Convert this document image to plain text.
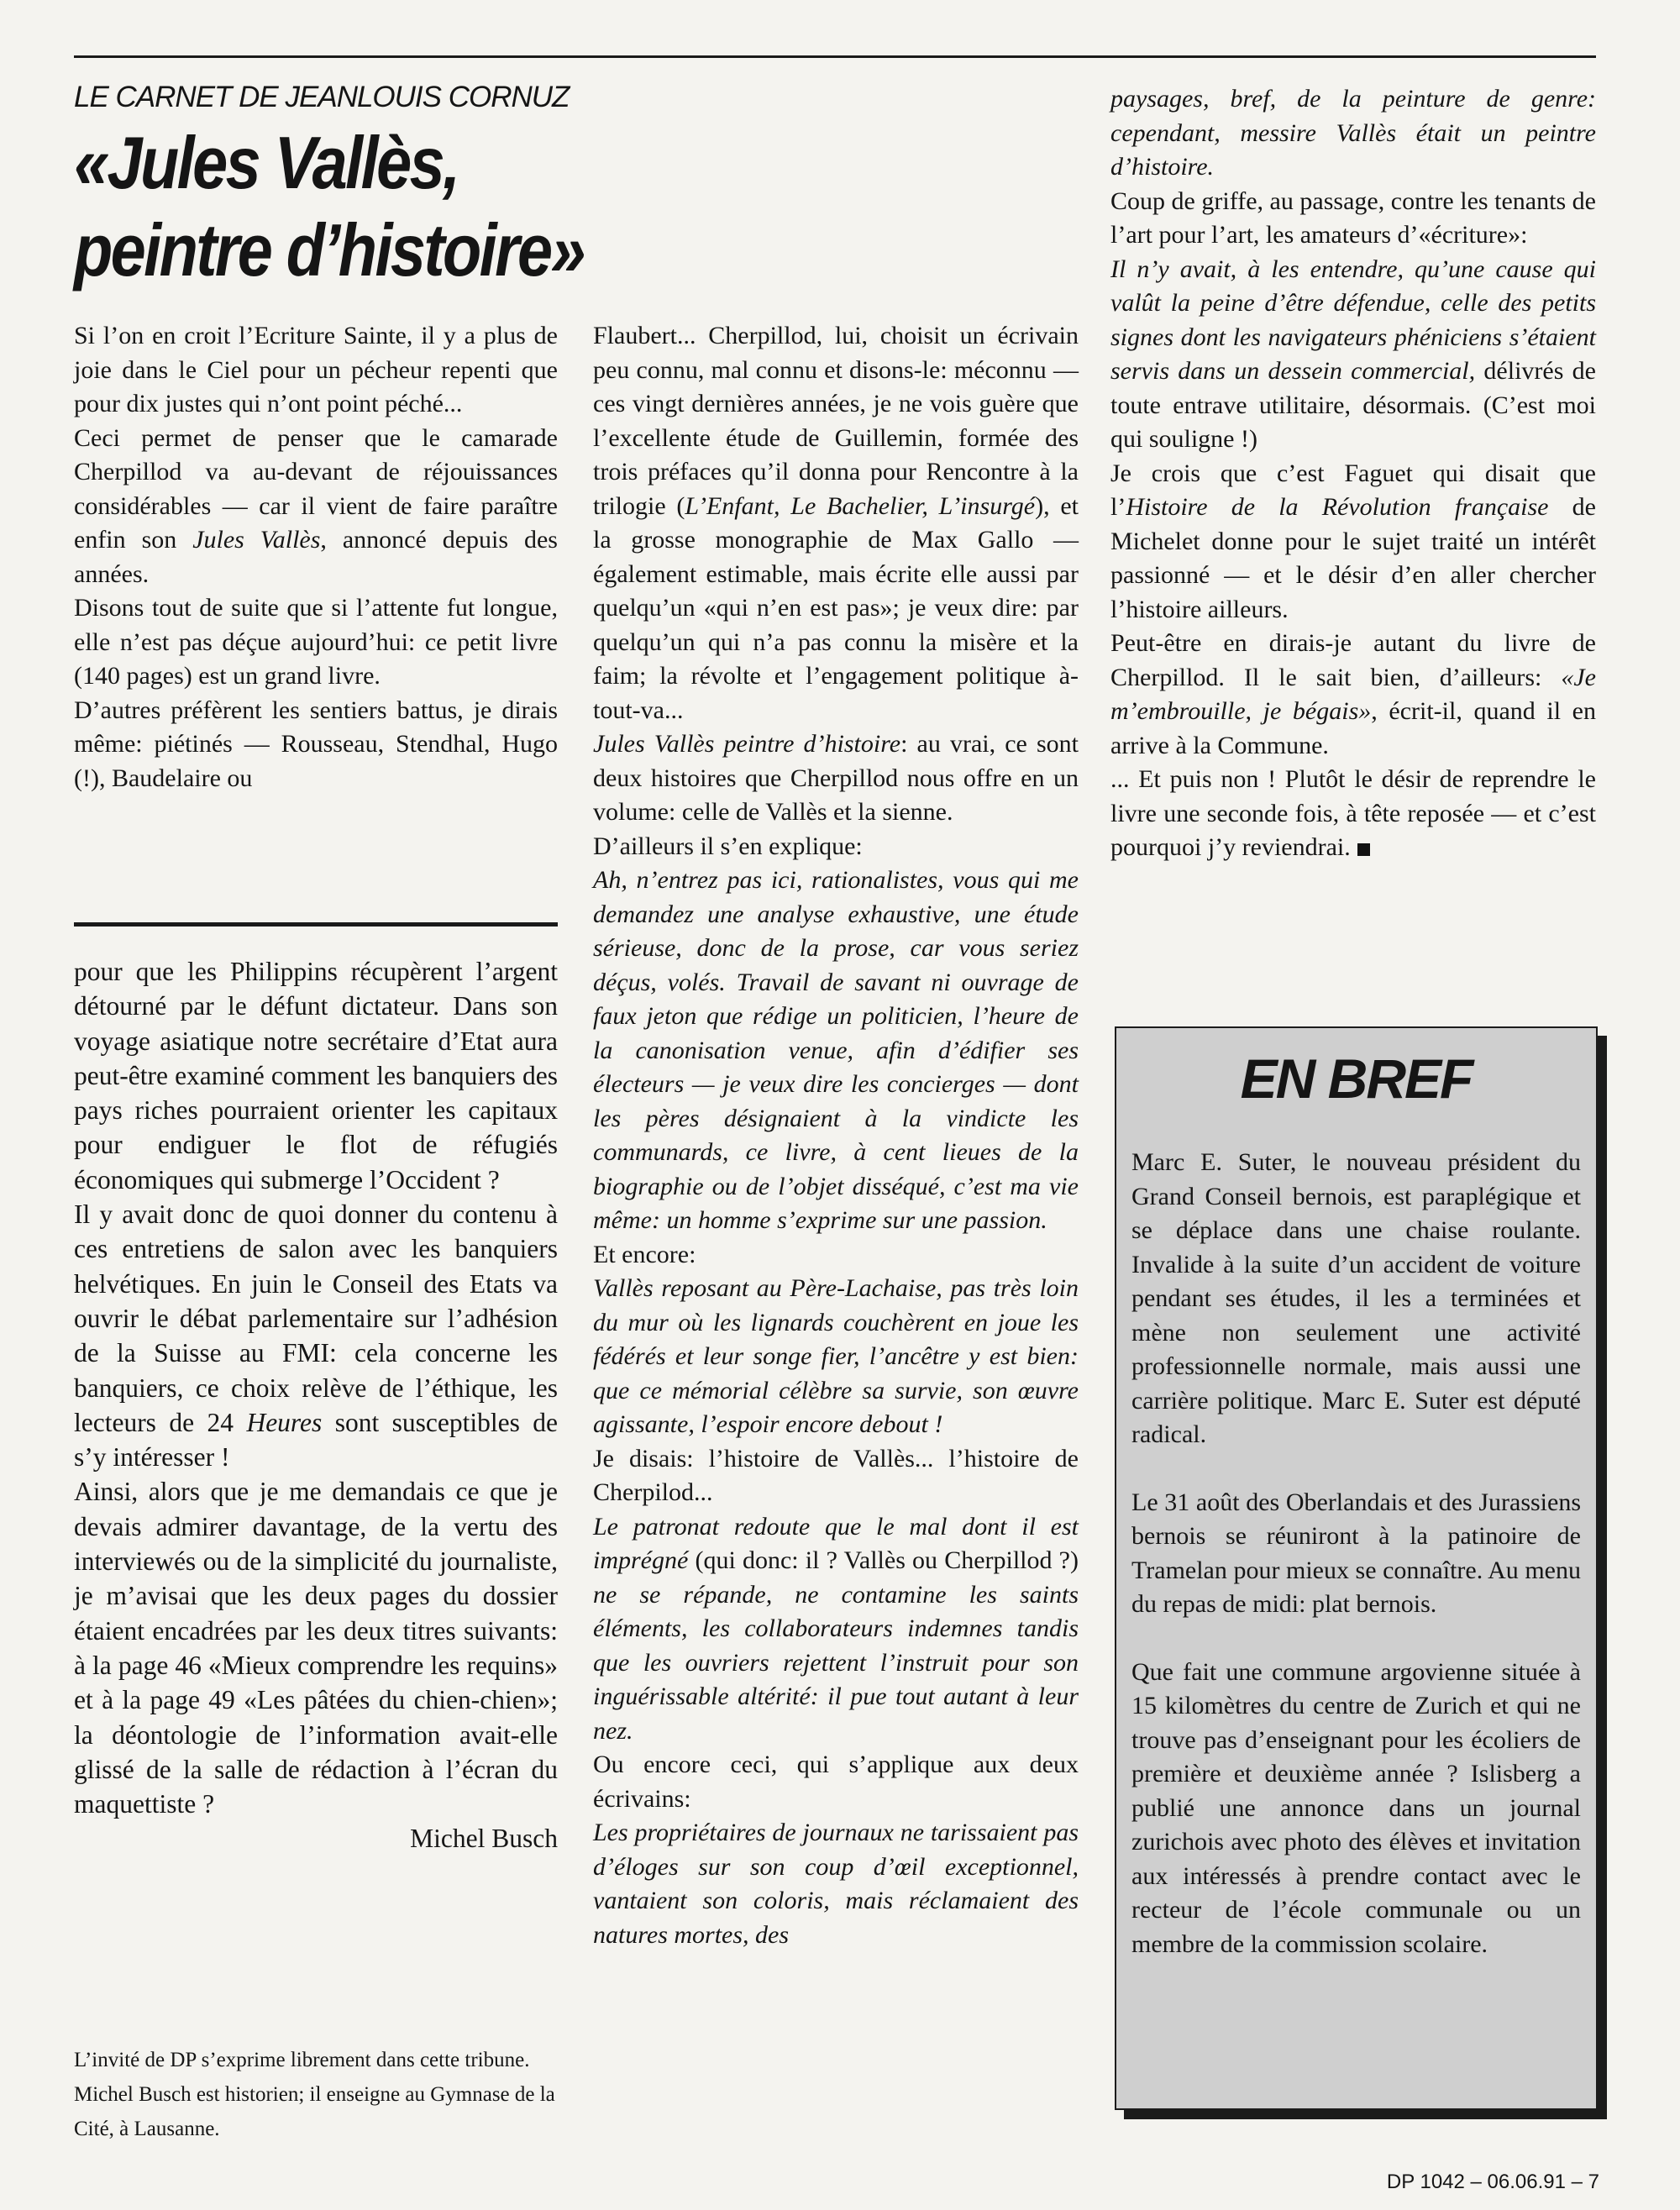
LE CARNET DE JEANLOUIS CORNUZ
«Jules Vallès,
peintre d’histoire»

Si l’on en croit l’Ecriture Sainte, il y a plus de joie dans le Ciel pour un pécheur repenti que pour dix justes qui n’ont point péché...

Ceci permet de penser que le camarade Cherpillod va au-devant de réjouissances considérables — car il vient de faire paraître enfin son Jules Vallès, annoncé depuis des années.

Disons tout de suite que si l’attente fut longue, elle n’est pas déçue aujourd’hui: ce petit livre (140 pages) est un grand livre.

D’autres préfèrent les sentiers battus, je dirais même: piétinés — Rousseau, Stendhal, Hugo (!), Baudelaire ou

pour que les Philippins récupèrent l’argent détourné par le défunt dictateur. Dans son voyage asiatique notre secrétaire d’Etat aura peut-être examiné comment les banquiers des pays riches pourraient orienter les capitaux pour endiguer le flot de réfugiés économiques qui submerge l’Occident ?

Il y avait donc de quoi donner du contenu à ces entretiens de salon avec les banquiers helvétiques. En juin le Conseil des Etats va ouvrir le débat parlementaire sur l’adhésion de la Suisse au FMI: cela concerne les banquiers, ce choix relève de l’éthique, les lecteurs de 24 Heures sont susceptibles de s’y intéresser !

Ainsi, alors que je me demandais ce que je devais admirer davantage, de la vertu des interviewés ou de la simplicité du journaliste, je m’avisai que les deux pages du dossier étaient encadrées par les deux titres suivants: à la page 46 «Mieux comprendre les requins» et à la page 49 «Les pâtées du chien-chien»; la déontologie de l’information avait-elle glissé de la salle de rédaction à l’écran du maquettiste ?

Michel Busch

L’invité de DP s’exprime librement dans cette tribune. Michel Busch est historien; il enseigne au Gymnase de la Cité, à Lausanne.

Flaubert... Cherpillod, lui, choisit un écrivain peu connu, mal connu et disons-le: méconnu — ces vingt dernières années, je ne vois guère que l’excellente étude de Guillemin, formée des trois préfaces qu’il donna pour Rencontre à la trilogie (L’Enfant, Le Bachelier, L’insurgé), et la grosse monographie de Max Gallo — également estimable, mais écrite elle aussi par quelqu’un «qui n’en est pas»; je veux dire: par quelqu’un qui n’a pas connu la misère et la faim; la révolte et l’engagement politique à-tout-va...

Jules Vallès peintre d’histoire: au vrai, ce sont deux histoires que Cherpillod nous offre en un volume: celle de Vallès et la sienne.

D’ailleurs il s’en explique:

Ah, n’entrez pas ici, rationalistes, vous qui me demandez une analyse exhaustive, une étude sérieuse, donc de la prose, car vous seriez déçus, volés. Travail de savant ni ouvrage de faux jeton que rédige un politicien, l’heure de la canonisation venue, afin d’édifier ses électeurs — je veux dire les concierges — dont les pères désignaient à la vindicte les communards, ce livre, à cent lieues de la biographie ou de l’objet disséqué, c’est ma vie même: un homme s’exprime sur une passion.

Et encore:

Vallès reposant au Père-Lachaise, pas très loin du mur où les lignards couchèrent en joue les fédérés et leur songe fier, l’ancêtre y est bien: que ce mémorial célèbre sa survie, son œuvre agissante, l’espoir encore debout !

Je disais: l’histoire de Vallès... l’histoire de Cherpilod...

Le patronat redoute que le mal dont il est imprégné (qui donc: il ? Vallès ou Cherpillod ?) ne se répande, ne contamine les saints éléments, les collaborateurs indemnes tandis que les ouvriers rejettent l’instruit pour son inguérissable altérité: il pue tout autant à leur nez.

Ou encore ceci, qui s’applique aux deux écrivains:

Les propriétaires de journaux ne tarissaient pas d’éloges sur son coup d’œil exceptionnel, vantaient son coloris, mais réclamaient des natures mortes, des

paysages, bref, de la peinture de genre: cependant, messire Vallès était un peintre d’histoire.

Coup de griffe, au passage, contre les tenants de l’art pour l’art, les amateurs d’«écriture»:

Il n’y avait, à les entendre, qu’une cause qui valût la peine d’être défendue, celle des petits signes dont les navigateurs phéniciens s’étaient servis dans un dessein commercial, délivrés de toute entrave utilitaire, désormais. (C’est moi qui souligne !)

Je crois que c’est Faguet qui disait que l’Histoire de la Révolution française de Michelet donne pour le sujet traité un intérêt passionné — et le désir d’en aller chercher l’histoire ailleurs.

Peut-être en dirais-je autant du livre de Cherpillod. Il le sait bien, d’ailleurs: «Je m’embrouille, je bégais», écrit-il, quand il en arrive à la Commune.

... Et puis non ! Plutôt le désir de reprendre le livre une seconde fois, à tête reposée — et c’est pourquoi j’y reviendrai.

EN BREF

Marc E. Suter, le nouveau président du Grand Conseil bernois, est paraplégique et se déplace dans une chaise roulante. Invalide à la suite d’un accident de voiture pendant ses études, il les a terminées et mène non seulement une activité professionnelle normale, mais aussi une carrière politique. Marc E. Suter est député radical.

Le 31 août des Oberlandais et des Jurassiens bernois se réuniront à la patinoire de Tramelan pour mieux se connaître. Au menu du repas de midi: plat bernois.

Que fait une commune argovienne située à 15 kilomètres du centre de Zurich et qui ne trouve pas d’enseignant pour les écoliers de première et deuxième année ? Islisberg a publié une annonce dans un journal zurichois avec photo des élèves et invitation aux intéressés à prendre contact avec le recteur de l’école communale ou un membre de la commission scolaire.

DP 1042 – 06.06.91 – 7
